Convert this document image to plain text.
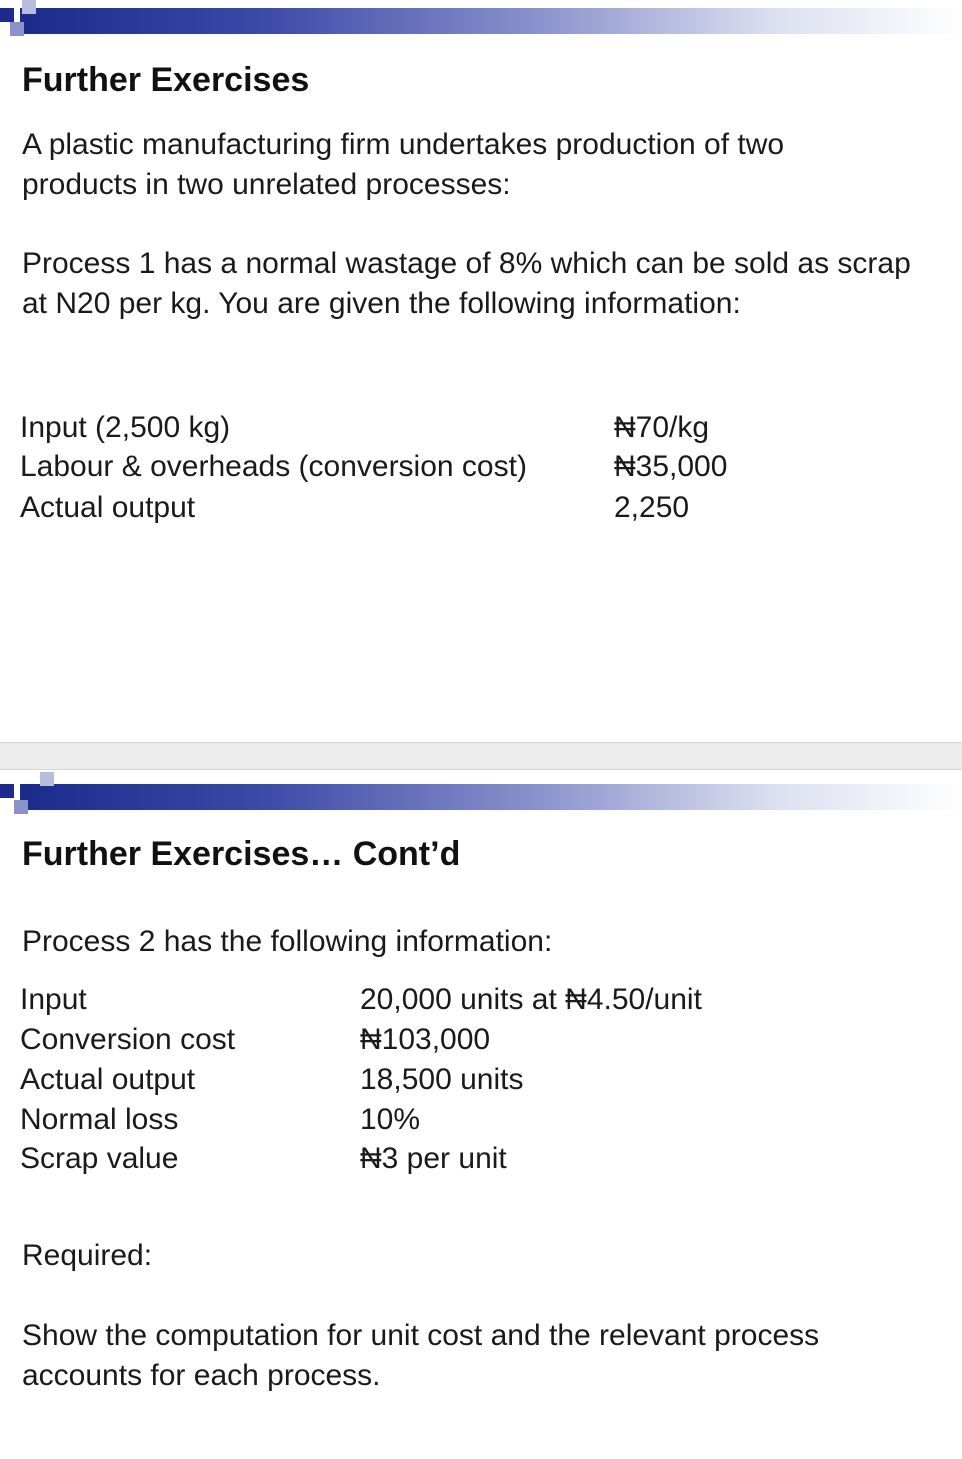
Further Exercises
A plastic manufacturing firm undertakes production of two products in two unrelated processes:
Process 1 has a normal wastage of 8% which can be sold as scrap at N20 per kg. You are given the following information:
Input (2,500 kg)	₦70/kg
Labour & overheads (conversion cost)	₦35,000
Actual output	2,250
Further Exercises… Cont’d
Process 2 has the following information:
Input	20,000 units at ₦4.50/unit
Conversion cost	₦103,000
Actual output	18,500 units
Normal loss	10%
Scrap value	₦3 per unit
Required:
Show the computation for unit cost and the relevant process accounts for each process.
